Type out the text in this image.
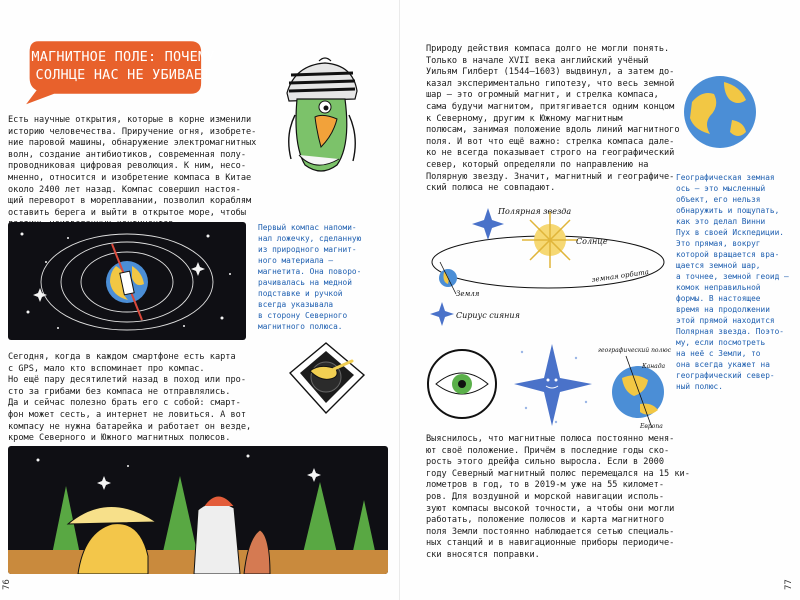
МАГНИТНОЕ ПОЛЕ: ПОЧЕМУ
СОЛНЦЕ НАС НЕ УБИВАЕТ
Есть научные открытия, которые в корне изменили
историю человечества. Приручение огня, изобрете-
ние паровой машины, обнаружение электромагнитных
волн, создание антибиотиков, современная полу-
проводниковая цифровая революция. К ним, несо-
мненно, относится и изобретение компаса в Китае
около 2400 лет назад. Компас совершил настоя-
щий переворот в мореплавании, позволил кораблям
оставить берега и выйти в открытое море, чтобы

Первый компас напоми-
нал ложечку, сделанную
из природного магнит-
ного материала —
магнетита. Она поворо-
рачивалась на медной
подставке и ручкой
всегда указывала
в сторону Северного
магнитного полюса.
Сегодня, когда в каждом смартфоне есть карта
с GPS, мало кто вспоминает про компас.
Но ещё пару десятилетий назад в поход или про-
сто за грибами без компаса не отправлялись.
Да и сейчас полезно брать его с собой: смарт-
фон может сесть, а интернет не ловиться. А вот
компасу не нужна батарейка и работает он везде,
кроме Северного и Южного магнитных полюсов.
76
Природу действия компаса долго не могли понять.
Только в начале XVII века английский учёный
Уильям Гилберт (1544–1603) выдвинул, а затем до-
казал экспериментально гипотезу, что весь земной
шар — это огромный магнит, и стрелка компаса,
сама будучи магнитом, притягивается одним концом
к Северному, другим к Южному магнитным
полюсам, занимая положение вдоль линий магнитного
поля. И вот что ещё важно: стрелка компаса дале-
ко не всегда показывает строго на географический
север, который определяли по направлению на
Полярную звезду. Значит, магнитный и географиче-
ский полюса не совпадают.
Географическая земная
ось — это мысленный
объект, его нельзя
обнаружить и пощупать,
как это делал Винни
Пух в своей Искпедиции.
Это прямая, вокруг
которой вращается вра-
щается земной шар,
а точнее, земной геоид —
комок неправильной
формы. В настоящее
время на продолжении
этой прямой находится
Полярная звезда. Поэто-
му, если посмотреть
на неё с Земли, то
она всегда укажет на
географический север-
ный полюс.
Полярная звезда
Солнце
Земля
земная орбита
Сириус сияния
географический полюс
Канада
Европа
Выяснилось, что магнитные полюса постоянно меня-
ют своё положение. Причём в последние годы ско-
рость этого дрейфа сильно выросла. Если в 2000
году Северный магнитный полюс перемещался на 15 ки-
лометров в год, то в 2019-м уже на 55 километ-
ров. Для воздушной и морской навигации исполь-
зуют компасы высокой точности, а чтобы они могли
работать, положение полюсов и карта магнитного
поля Земли постоянно наблюдается сетью специаль-
ных станций и в навигационные приборы периодиче-
ски вносятся поправки.
77
